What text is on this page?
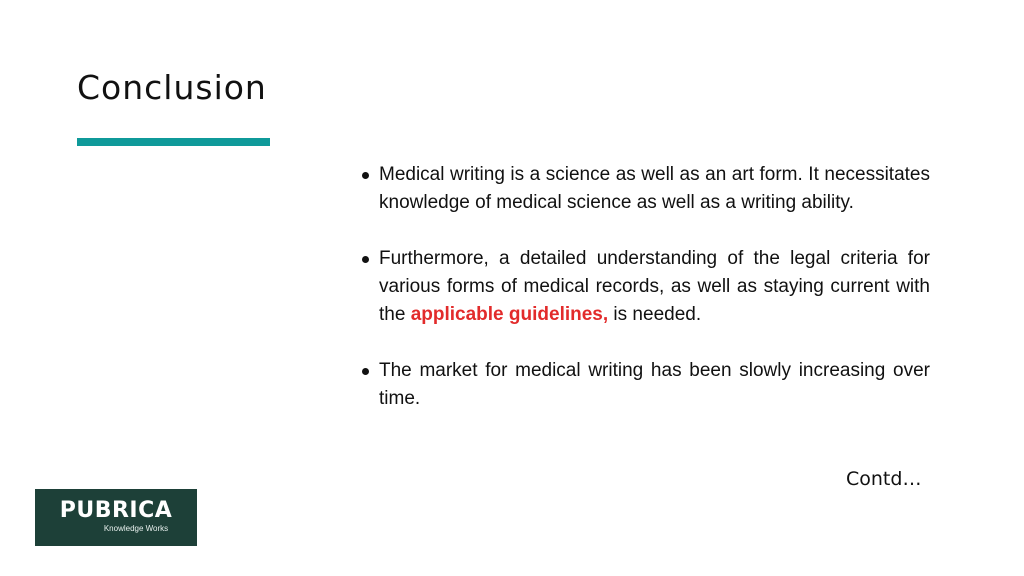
Conclusion
Medical writing is a science as well as an art form. It necessitates knowledge of medical science as well as a writing ability.
Furthermore, a detailed understanding of the legal criteria for various forms of medical records, as well as staying current with the applicable guidelines, is needed.
The market for medical writing has been slowly increasing over time.

Contd…

PUBRICA
Knowledge Works
